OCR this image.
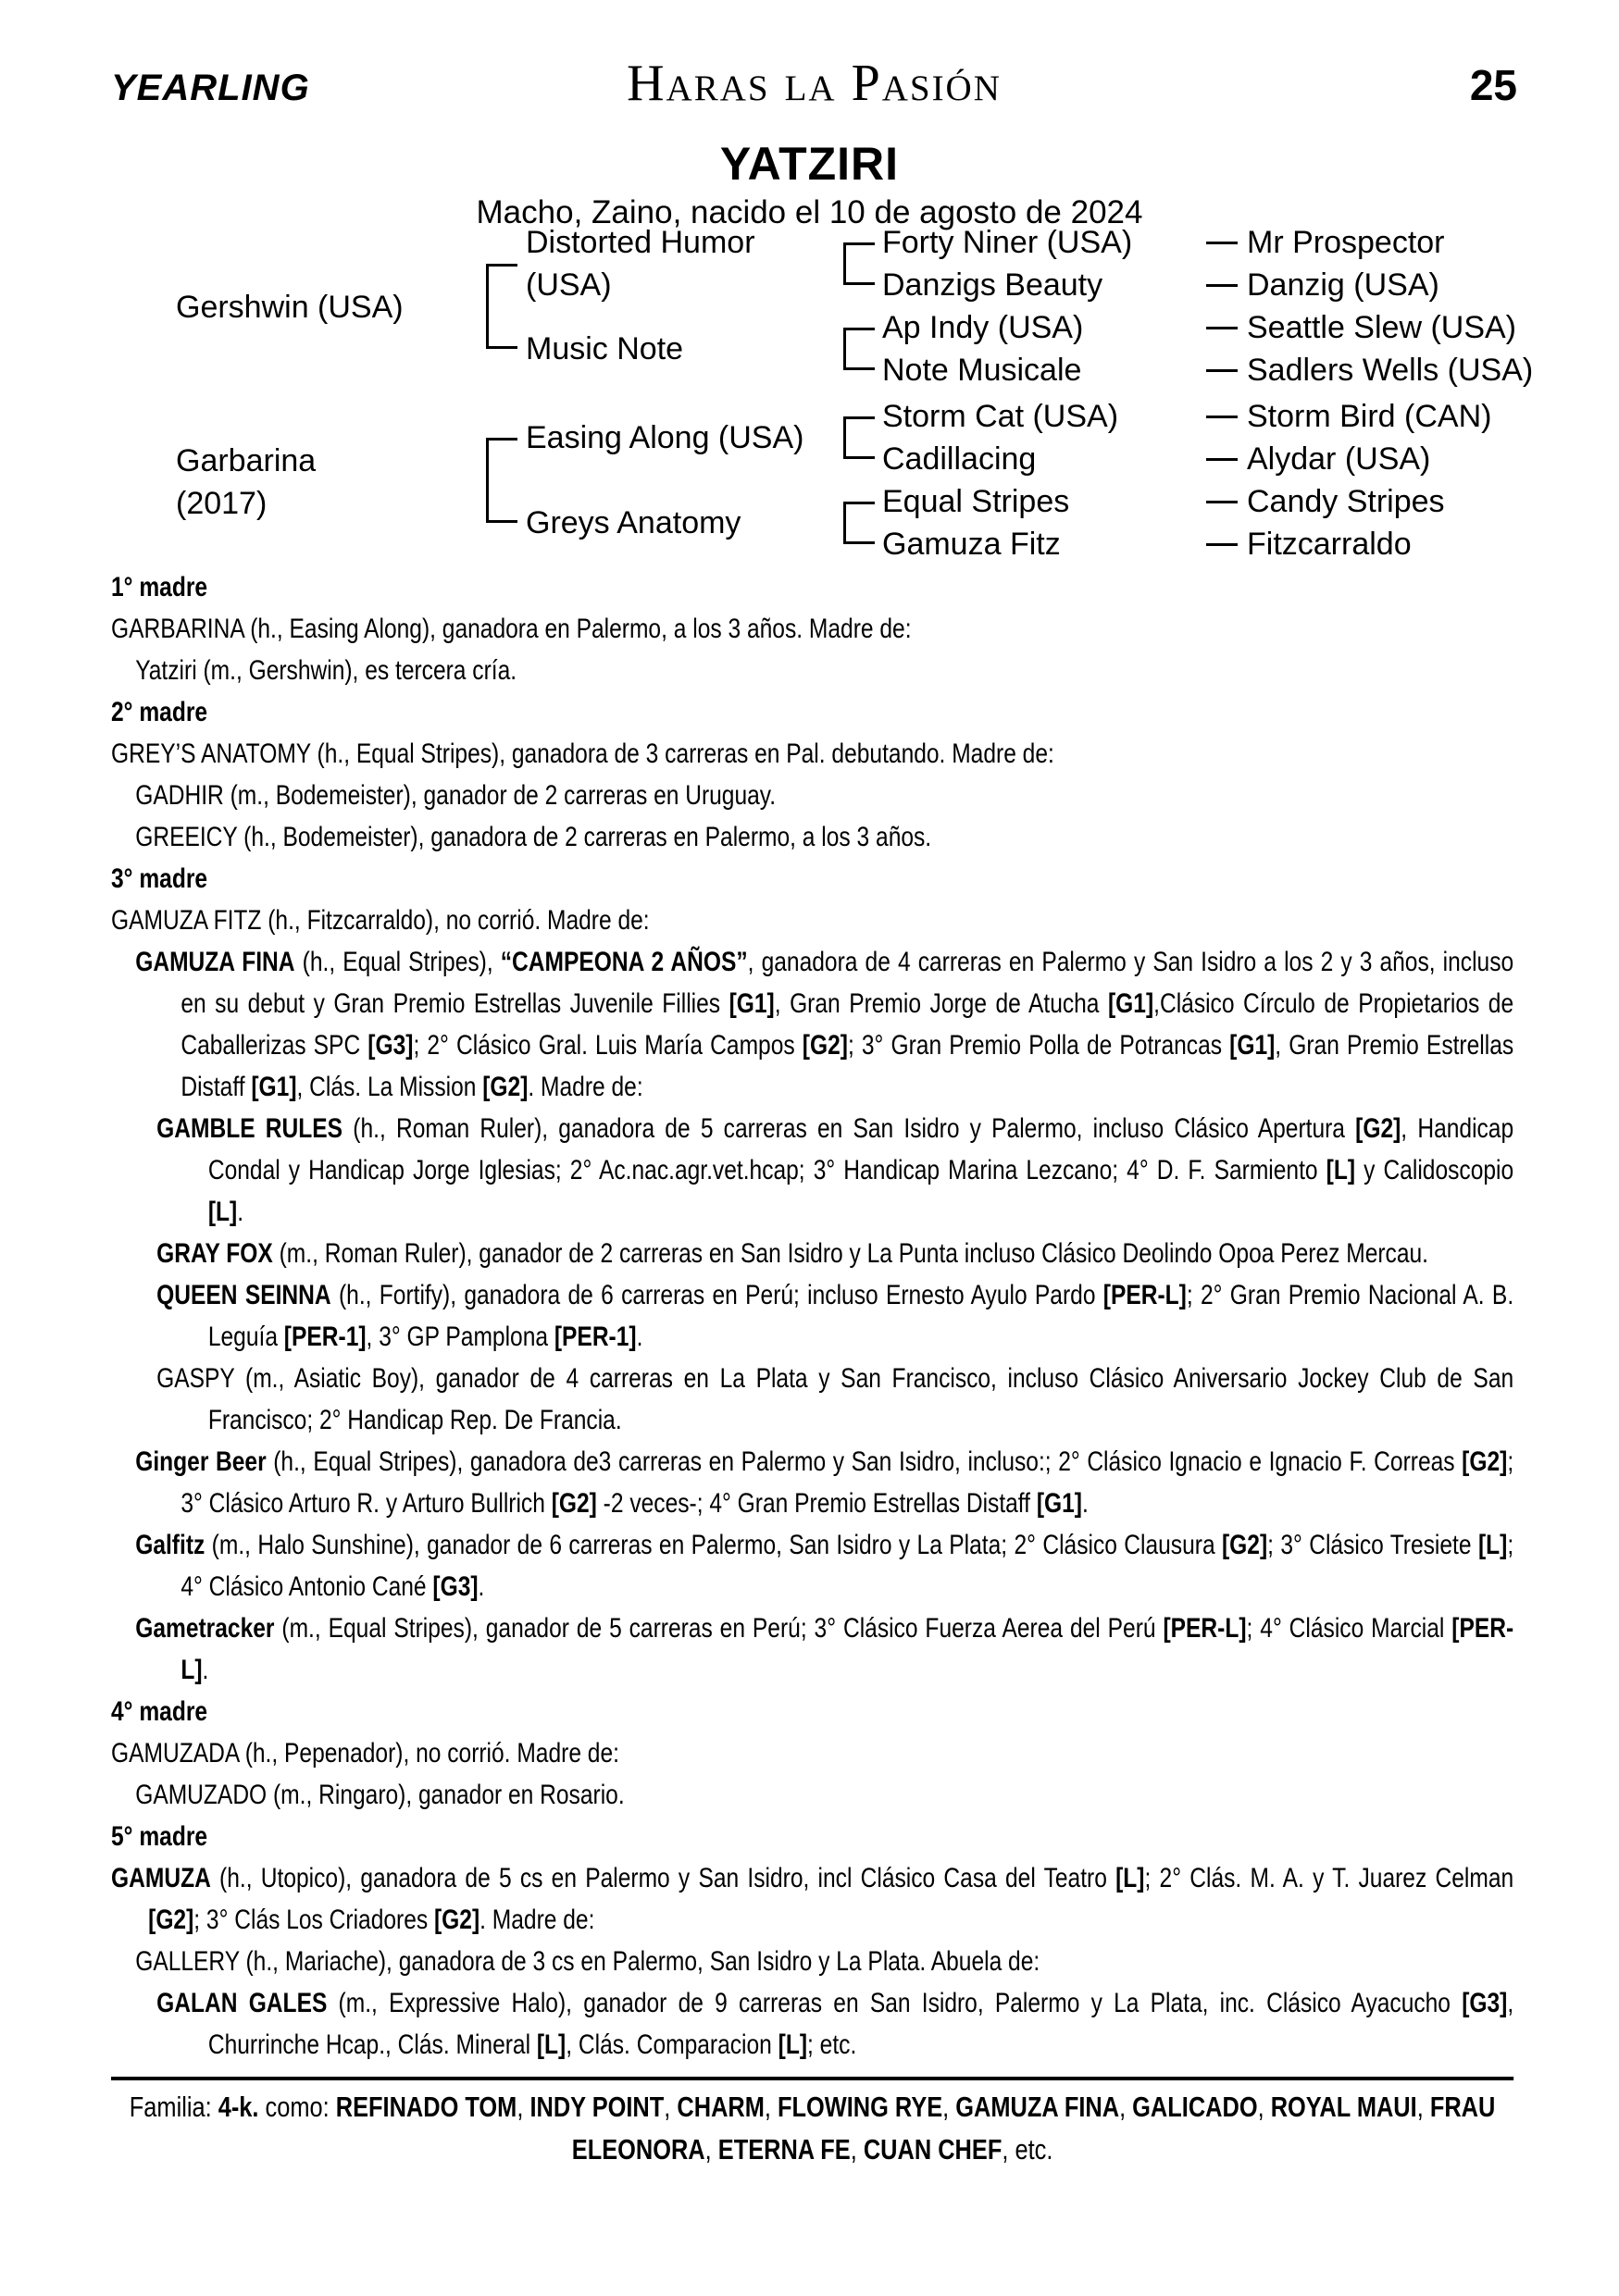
YEARLING	Haras la Pasión	25
YATZIRI
Macho, Zaino, nacido el 10 de agosto de 2024
Gershwin (USA)
Garbarina
(2017)
Distorted Humor
(USA)
Music Note
Easing Along (USA)
Greys Anatomy
Forty Niner (USA)
Danzigs Beauty
Ap Indy (USA)
Note Musicale
Storm Cat (USA)
Cadillacing
Equal Stripes
Gamuza Fitz
Mr Prospector
Danzig (USA)
Seattle Slew (USA)
Sadlers Wells (USA)
Storm Bird (CAN)
Alydar (USA)
Candy Stripes
Fitzcarraldo

1° madre

GARBARINA (h., Easing Along), ganadora en Palermo, a los 3 años. Madre de:

Yatziri (m., Gershwin), es tercera cría.

2° madre

GREY’S ANATOMY (h., Equal Stripes), ganadora de 3 carreras en Pal. debutando. Madre de:

GADHIR (m., Bodemeister), ganador de 2 carreras en Uruguay.

GREEICY (h., Bodemeister), ganadora de 2 carreras en Palermo, a los 3 años.

3° madre

GAMUZA FITZ (h., Fitzcarraldo), no corrió. Madre de:

GAMUZA FINA (h., Equal Stripes), “CAMPEONA 2 AÑOS”, ganadora de 4 carreras en Palermo y San Isidro a los 2 y 3 años, incluso en su debut y Gran Premio Estrellas Juvenile Fillies [G1], Gran Premio Jorge de Atucha [G1],Clásico Círculo de Propietarios de Caballerizas SPC [G3]; 2° Clásico Gral. Luis María Campos [G2]; 3° Gran Premio Polla de Potrancas [G1], Gran Premio Estrellas Distaff [G1], Clás. La Mission [G2]. Madre de:

GAMBLE RULES (h., Roman Ruler), ganadora de 5 carreras en San Isidro y Palermo, incluso Clásico Apertura [G2], Handicap Condal y Handicap Jorge Iglesias; 2° Ac.nac.agr.vet.hcap; 3° Handicap Marina Lezcano; 4° D. F. Sarmiento [L] y Calidoscopio [L].

GRAY FOX (m., Roman Ruler), ganador de 2 carreras en San Isidro y La Punta incluso Clásico Deolindo Opoa Perez Mercau.

QUEEN SEINNA (h., Fortify), ganadora de 6 carreras en Perú; incluso Ernesto Ayulo Pardo [PER-L]; 2° Gran Premio Nacional A. B. Leguía [PER-1], 3° GP Pamplona [PER-1].

GASPY (m., Asiatic Boy), ganador de 4 carreras en La Plata y San Francisco, incluso Clásico Aniversario Jockey Club de San Francisco; 2° Handicap Rep. De Francia.

Ginger Beer (h., Equal Stripes), ganadora de3 carreras en Palermo y San Isidro, incluso:; 2° Clásico Ignacio e Ignacio F. Correas [G2]; 3° Clásico Arturo R. y Arturo Bullrich [G2] -2 veces-; 4° Gran Premio Estrellas Distaff [G1].

Galfitz (m., Halo Sunshine), ganador de 6 carreras en Palermo, San Isidro y La Plata; 2° Clásico Clausura [G2]; 3° Clásico Tresiete [L]; 4° Clásico Antonio Cané [G3].

Gametracker (m., Equal Stripes), ganador de 5 carreras en Perú; 3° Clásico Fuerza Aerea del Perú [PER-L]; 4° Clásico Marcial [PER-L].

4° madre

GAMUZADA (h., Pepenador), no corrió. Madre de:

GAMUZADO (m., Ringaro), ganador en Rosario.

5° madre

GAMUZA (h., Utopico), ganadora de 5 cs en Palermo y San Isidro, incl Clásico Casa del Teatro [L]; 2° Clás. M. A. y T. Juarez Celman [G2]; 3° Clás Los Criadores [G2]. Madre de:

GALLERY (h., Mariache), ganadora de 3 cs en Palermo, San Isidro y La Plata. Abuela de:

GALAN GALES (m., Expressive Halo), ganador de 9 carreras en San Isidro, Palermo y La Plata, inc. Clásico Ayacucho [G3], Churrinche Hcap., Clás. Mineral [L], Clás. Comparacion [L]; etc.

Familia: 4-k. como: REFINADO TOM, INDY POINT, CHARM, FLOWING RYE, GAMUZA FINA, GALICADO, ROYAL MAUI, FRAU ELEONORA, ETERNA FE, CUAN CHEF, etc.
